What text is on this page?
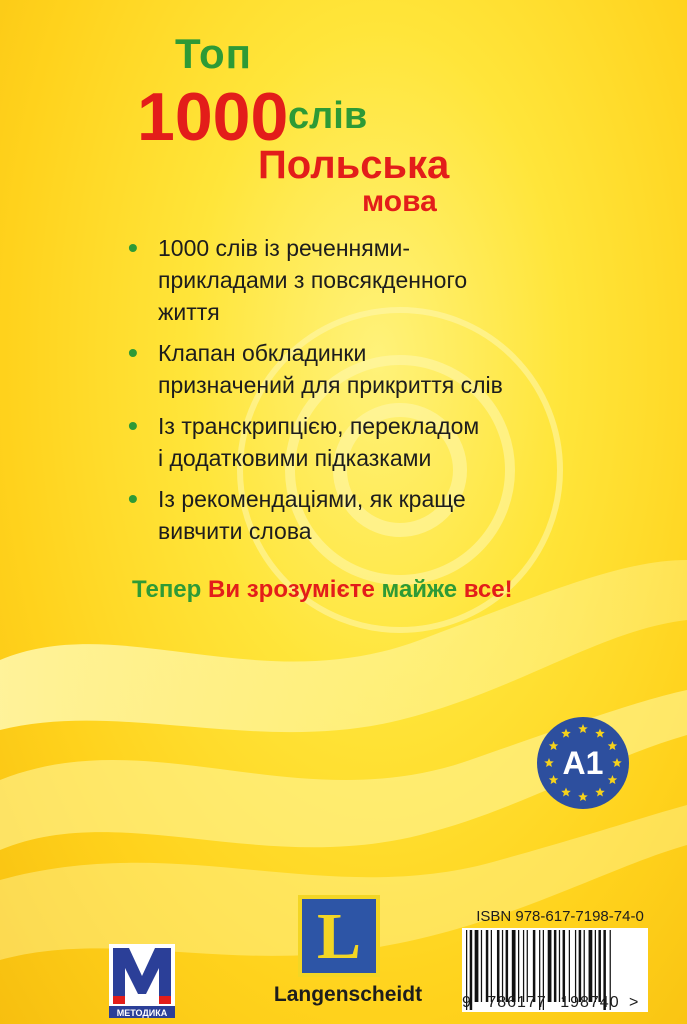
Топ
1000 слів
Польська
мова
• 1000 слів із реченнями-
прикладами з повсякденного
життя
• Клапан обкладинки
призначений для прикриття слів
• Із транскрипцією, перекладом
і додатковими підказками
• Із рекомендаціями, як краще
вивчити слова
Тепер Ви зрозумієте майже все!
A1
МЕТОДИКА
L
Langenscheidt
ISBN 978-617-7198-74-0
9 786177 198740 >
